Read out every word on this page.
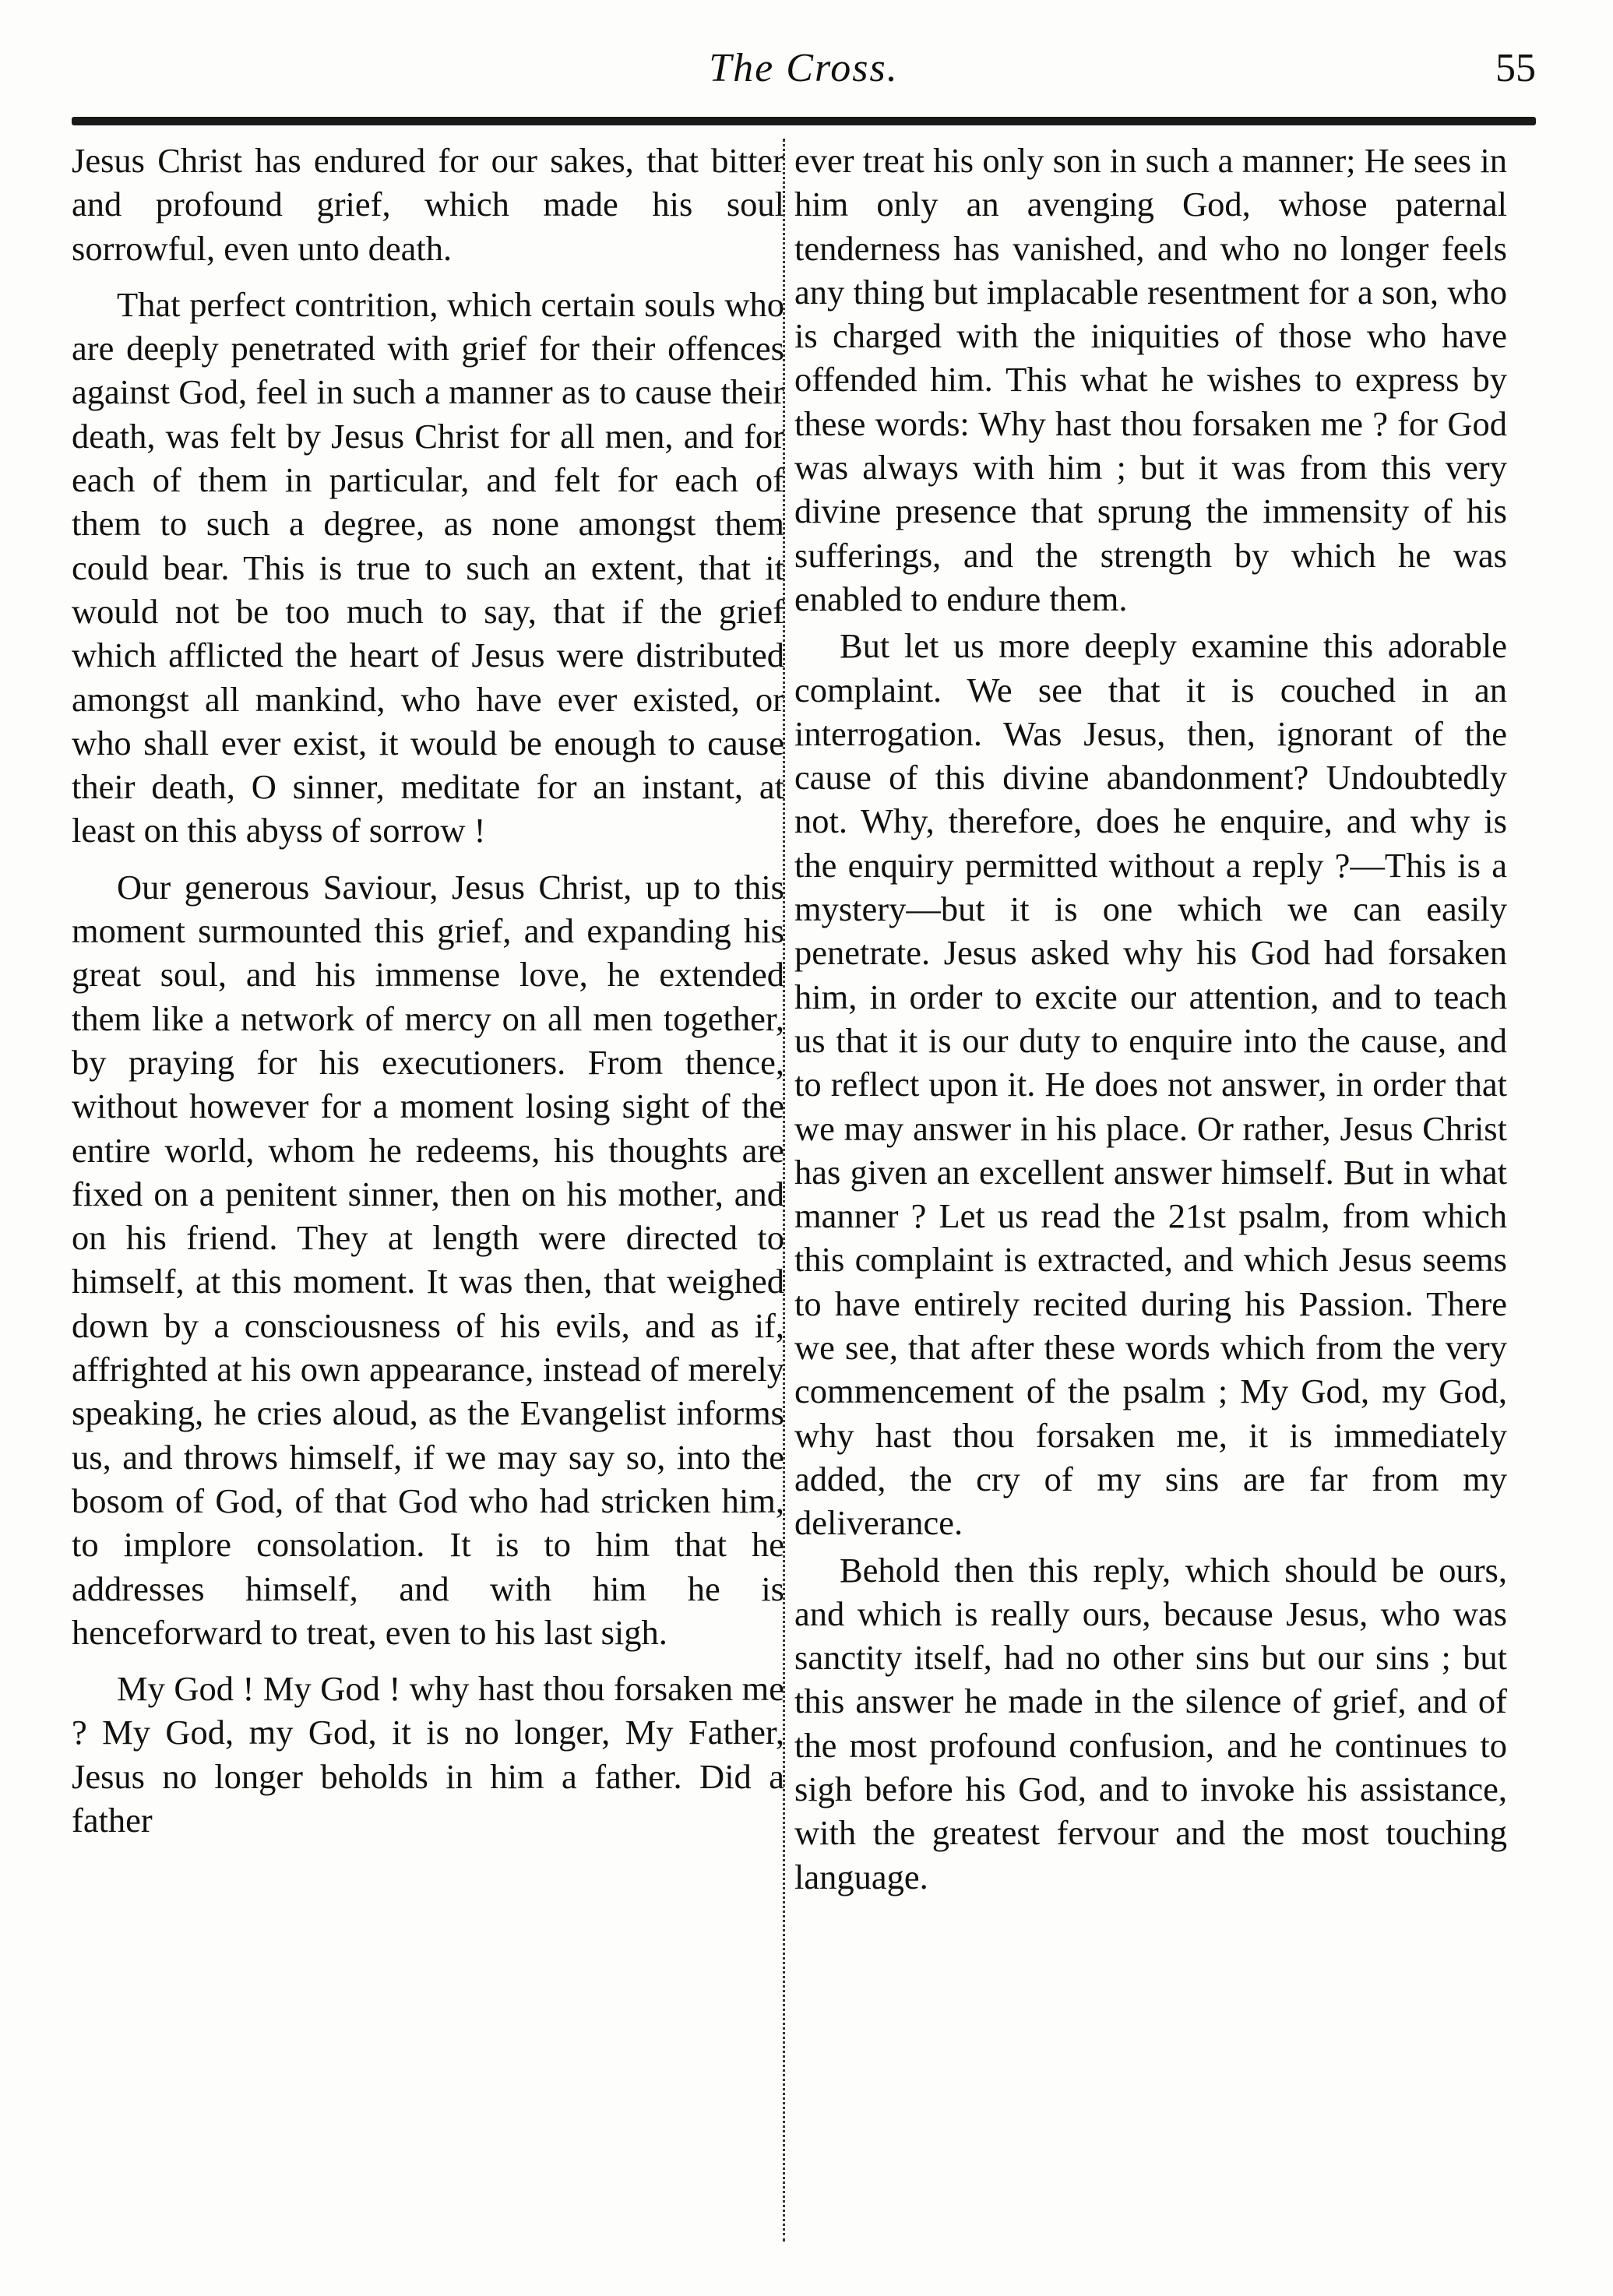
The Cross.	55

Jesus Christ has endured for our sakes, that bitter and profound grief, which made his soul sorrowful, even unto death.

That perfect contrition, which certain souls who are deeply penetrated with grief for their offences against God, feel in such a manner as to cause their death, was felt by Jesus Christ for all men, and for each of them in particular, and felt for each of them to such a degree, as none amongst them could bear. This is true to such an extent, that it would not be too much to say, that if the grief which afflicted the heart of Jesus were distributed amongst all mankind, who have ever existed, or who shall ever exist, it would be enough to cause their death, O sinner, meditate for an instant, at least on this abyss of sorrow !

Our generous Saviour, Jesus Christ, up to this moment surmounted this grief, and expanding his great soul, and his immense love, he extended them like a network of mercy on all men together, by praying for his executioners. From thence, without however for a moment losing sight of the entire world, whom he redeems, his thoughts are fixed on a penitent sinner, then on his mother, and on his friend. They at length were directed to himself, at this moment. It was then, that weighed down by a consciousness of his evils, and as if, affrighted at his own appearance, instead of merely speaking, he cries aloud, as the Evangelist informs us, and throws himself, if we may say so, into the bosom of God, of that God who had stricken him, to implore consolation. It is to him that he addresses himself, and with him he is henceforward to treat, even to his last sigh.

My God ! My God ! why hast thou forsaken me ? My God, my God, it is no longer, My Father, Jesus no longer beholds in him a father. Did a father

ever treat his only son in such a manner; He sees in him only an avenging God, whose paternal tenderness has vanished, and who no longer feels any thing but implacable resentment for a son, who is charged with the iniquities of those who have offended him. This what he wishes to express by these words: Why hast thou forsaken me ? for God was always with him ; but it was from this very divine presence that sprung the immensity of his sufferings, and the strength by which he was enabled to endure them.

But let us more deeply examine this adorable complaint. We see that it is couched in an interrogation. Was Jesus, then, ignorant of the cause of this divine abandonment? Undoubtedly not. Why, therefore, does he enquire, and why is the enquiry permitted without a reply ?—This is a mystery—but it is one which we can easily penetrate. Jesus asked why his God had forsaken him, in order to excite our attention, and to teach us that it is our duty to enquire into the cause, and to reflect upon it. He does not answer, in order that we may answer in his place. Or rather, Jesus Christ has given an excellent answer himself. But in what manner ? Let us read the 21st psalm, from which this complaint is extracted, and which Jesus seems to have entirely recited during his Passion. There we see, that after these words which from the very commencement of the psalm ; My God, my God, why hast thou forsaken me, it is immediately added, the cry of my sins are far from my deliverance.

Behold then this reply, which should be ours, and which is really ours, because Jesus, who was sanctity itself, had no other sins but our sins ; but this answer he made in the silence of grief, and of the most profound confusion, and he continues to sigh before his God, and to invoke his assistance, with the greatest fervour and the most touching language.
